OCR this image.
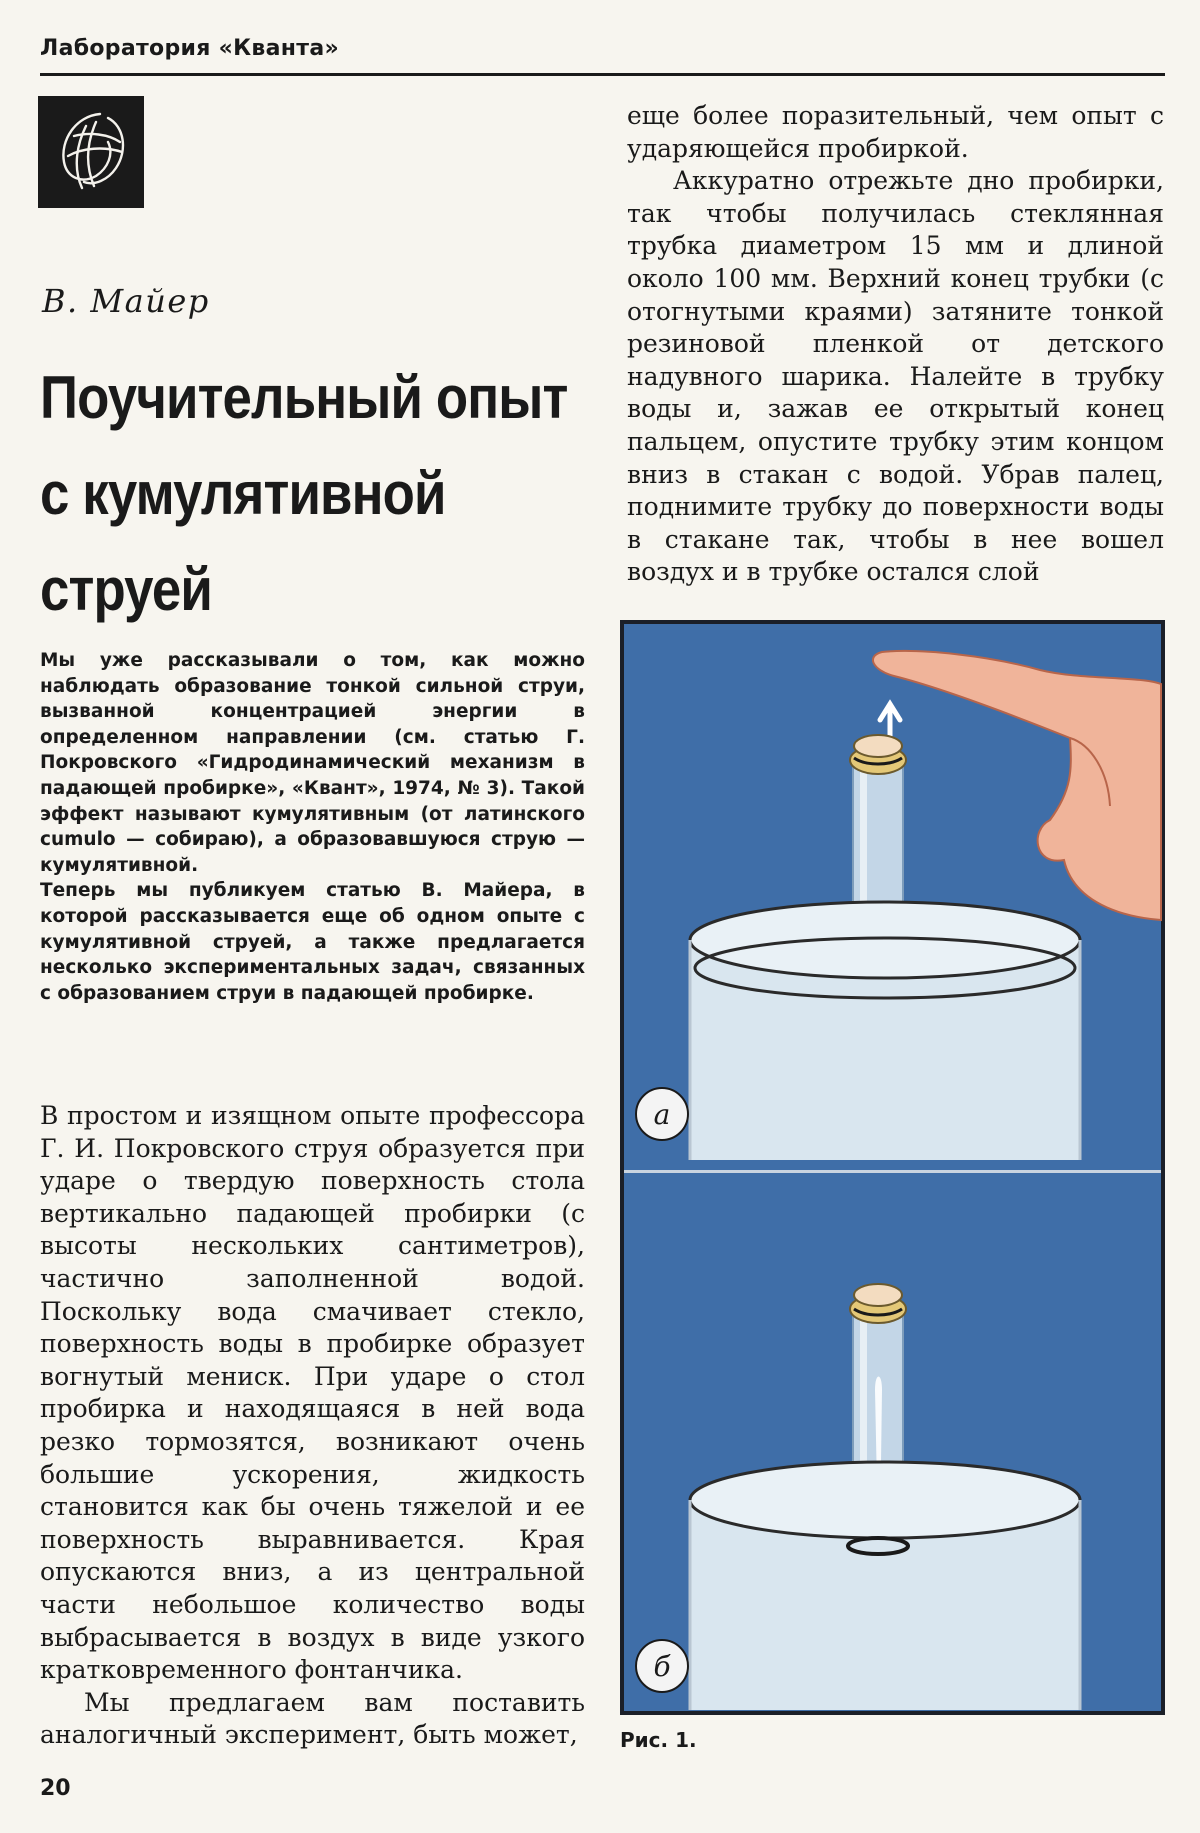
Лаборатория «Кванта»
В. Майер
Поучительный опыт
с кумулятивной
струей

Мы уже рассказывали о том, как можно наблюдать образование тонкой сильной струи, вызванной концентрацией энергии в определенном направлении (см. статью Г. Покровского «Гидродинамический механизм в падающей пробирке», «Квант», 1974, № 3). Такой эффект называют кумулятивным (от латинского cumulo — собираю), а образовавшуюся струю — кумулятивной.

Теперь мы публикуем статью В. Майера, в которой рассказывается еще об одном опыте с кумулятивной струей, а также предлагается несколько экспериментальных задач, связанных с образованием струи в падающей пробирке.

В простом и изящном опыте профессора Г. И. Покровского струя образуется при ударе о твердую поверхность стола вертикально падающей пробирки (с высоты нескольких сантиметров), частично заполненной водой. Поскольку вода смачивает стекло, поверхность воды в пробирке образует вогнутый мениск. При ударе о стол пробирка и находящаяся в ней вода резко тормозятся, возникают очень большие ускорения, жидкость становится как бы очень тяжелой и ее поверхность выравнивается. Края опускаются вниз, а из центральной части небольшое количество воды выбрасывается в воздух в виде узкого кратковременного фонтанчика.

Мы предлагаем вам поставить аналогичный эксперимент, быть может,

еще более поразительный, чем опыт с ударяющейся пробиркой.

Аккуратно отрежьте дно пробирки, так чтобы получилась стеклянная трубка диаметром 15 мм и длиной около 100 мм. Верхний конец трубки (с отогнутыми краями) затяните тонкой резиновой пленкой от детского надувного шарика. Налейте в трубку воды и, зажав ее открытый конец пальцем, опустите трубку этим концом вниз в стакан с водой. Убрав палец, поднимите трубку до поверхности воды в стакане так, чтобы в нее вошел воздух и в трубке остался слой

а
б
Рис. 1.
20
